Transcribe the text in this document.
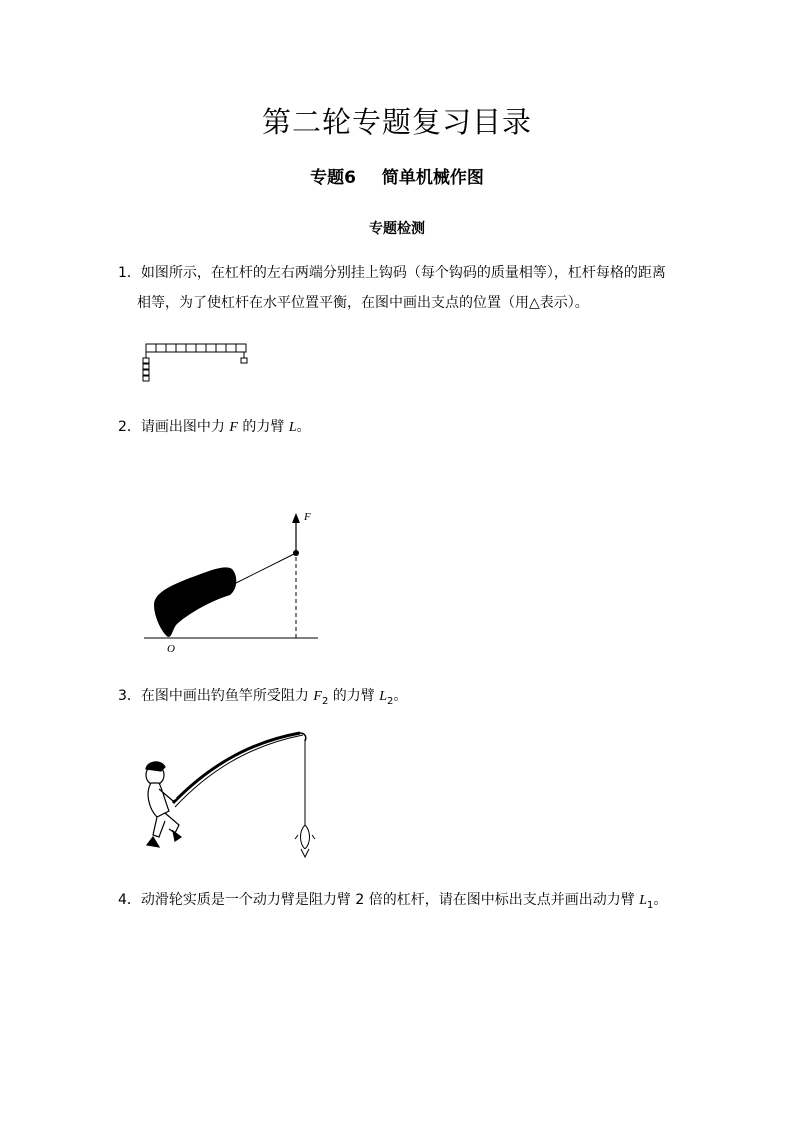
第二轮专题复习目录
专题6 简单机械作图
专题检测
1．如图所示，在杠杆的左右两端分别挂上钩码（每个钩码的质量相等），杠杆每格的距离
相等，为了使杠杆在水平位置平衡，在图中画出支点的位置（用△表示）。
2．请画出图中力 F 的力臂 L。
F
O
3．在图中画出钓鱼竿所受阻力 $F_2$ 的力臂 $L_2$。
4．动滑轮实质是一个动力臂是阻力臂 2 倍的杠杆，请在图中标出支点并画出动力臂 $L_1$。
